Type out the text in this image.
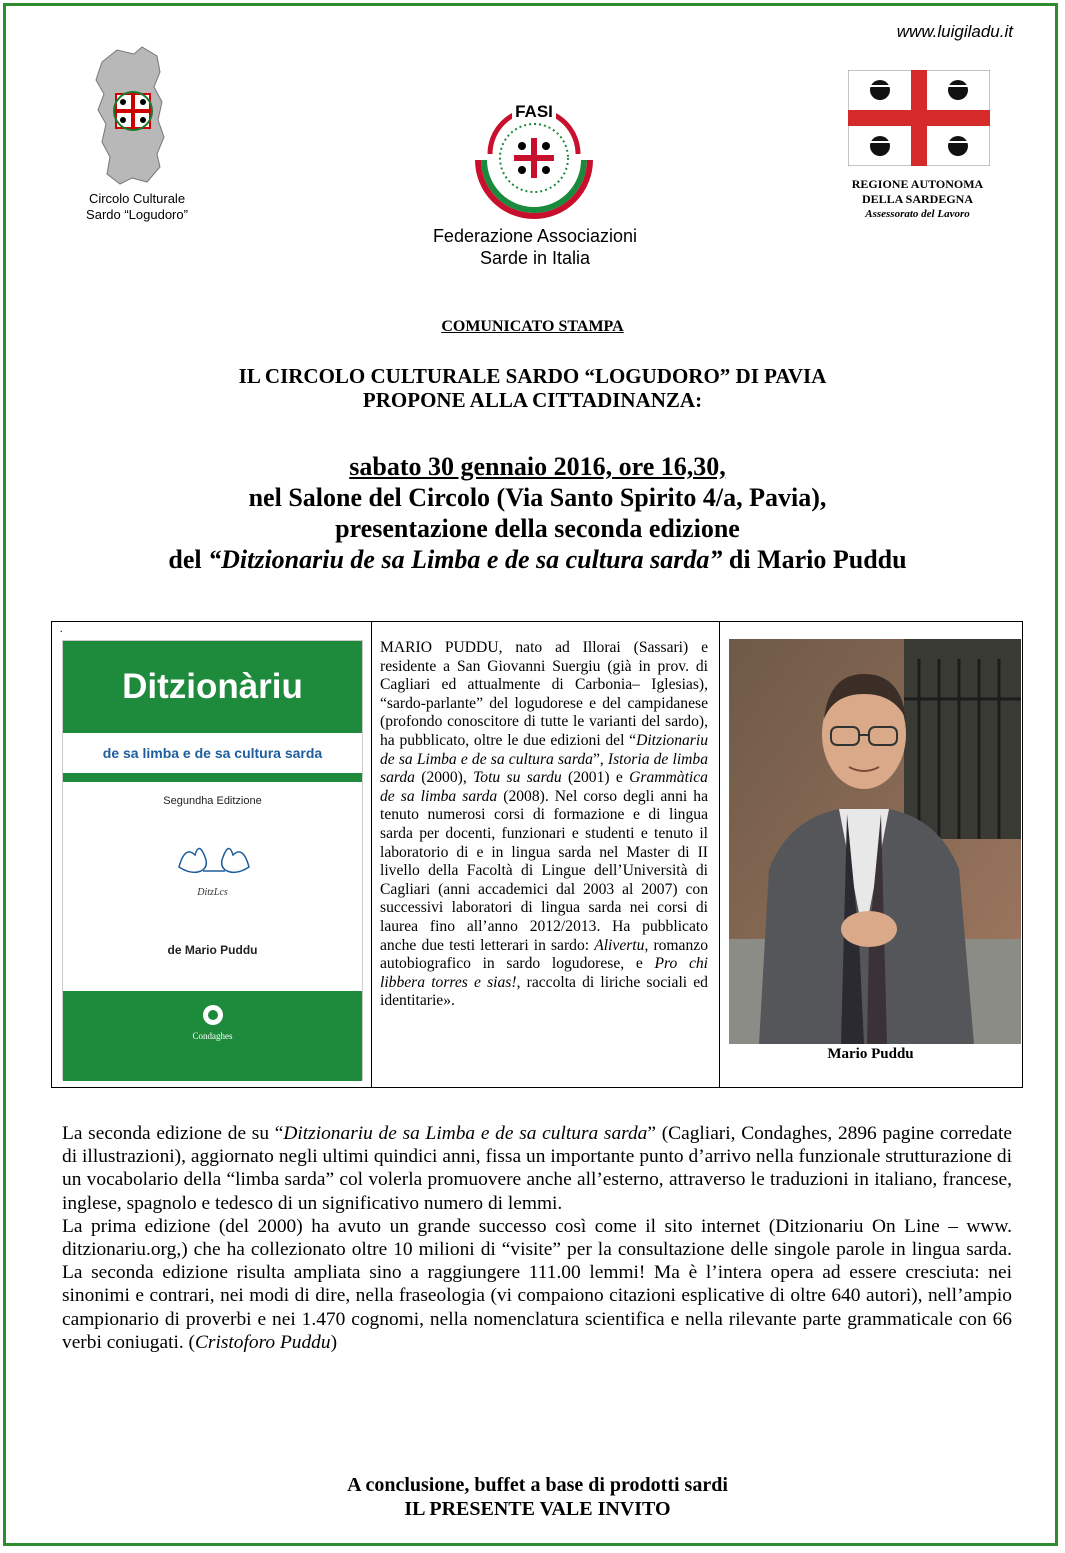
www.luigiladu.it
Circolo Culturale
Sardo “Logudoro”
FASI
Federazione Associazioni
Sarde in Italia
REGIONE AUTONOMA
DELLA SARDEGNA
Assessorato del Lavoro
COMUNICATO STAMPA
IL CIRCOLO CULTURALE SARDO “LOGUDORO” DI PAVIA
PROPONE ALLA CITTADINANZA:
sabato 30 gennaio 2016, ore 16,30,
nel Salone del Circolo (Via Santo Spirito 4/a, Pavia),
presentazione della seconda edizione
del “Ditzionariu de sa Limba e de sa cultura sarda” di Mario Puddu
.
Ditzionàriu
de sa limba e de sa cultura sarda
Segundha Editzione
DitzLcs
de Mario Puddu
Condaghes
MARIO PUDDU, nato ad Illorai (Sassari) e residente a San Giovanni Suergiu (già in prov. di Cagliari ed attualmente di Carbonia– Iglesias), “sardo-parlante” del logudorese e del campidanese (profondo conoscitore di tutte le varianti del sardo), ha pubblicato, oltre le due edizioni del “Ditzionariu de sa Limba e de sa cultura sarda”, Istoria de limba sarda (2000), Totu su sardu (2001) e Grammàtica de sa limba sarda (2008). Nel corso degli anni ha tenuto numerosi corsi di formazione e di lingua sarda per docenti, funzionari e studenti e tenuto il laboratorio di e in lingua sarda nel Master di II livello della Facoltà di Lingue dell’Università di Cagliari (anni accademici dal 2003 al 2007) con successivi laboratori di lingua sarda nei corsi di laurea fino all’anno 2012/2013. Ha pubblicato anche due testi letterari in sardo: Alivertu, romanzo autobiografico in sardo logudorese, e Pro chi libbera torres e sias!, raccolta di liriche sociali ed identitarie».
Mario Puddu

La seconda edizione de su “Ditzionariu de sa Limba e de sa cultura sarda” (Cagliari, Condaghes, 2896 pagine corredate di illustrazioni), aggiornato negli ultimi quindici anni, fissa un importante punto d’arrivo nella funzionale strutturazione di un vocabolario della “limba sarda” col volerla promuovere anche all’esterno, attraverso le traduzioni in italiano, francese, inglese, spagnolo e tedesco di un significativo numero di lemmi.

La prima edizione (del 2000) ha avuto un grande successo così come il sito internet (Ditzionariu On Line – www. ditzionariu.org,) che ha collezionato oltre 10 milioni di “visite” per la consultazione delle singole parole in lingua sarda. La seconda edizione risulta ampliata sino a raggiungere 111.00 lemmi! Ma è l’intera opera ad essere cresciuta: nei sinonimi e contrari, nei modi di dire, nella fraseologia (vi compaiono citazioni esplicative di oltre 640 autori), nell’ampio campionario di proverbi e nei 1.470 cognomi, nella nomenclatura scientifica e nella rilevante parte grammaticale con 66 verbi coniugati. (Cristoforo Puddu)

A conclusione, buffet a base di prodotti sardi
IL PRESENTE VALE INVITO
